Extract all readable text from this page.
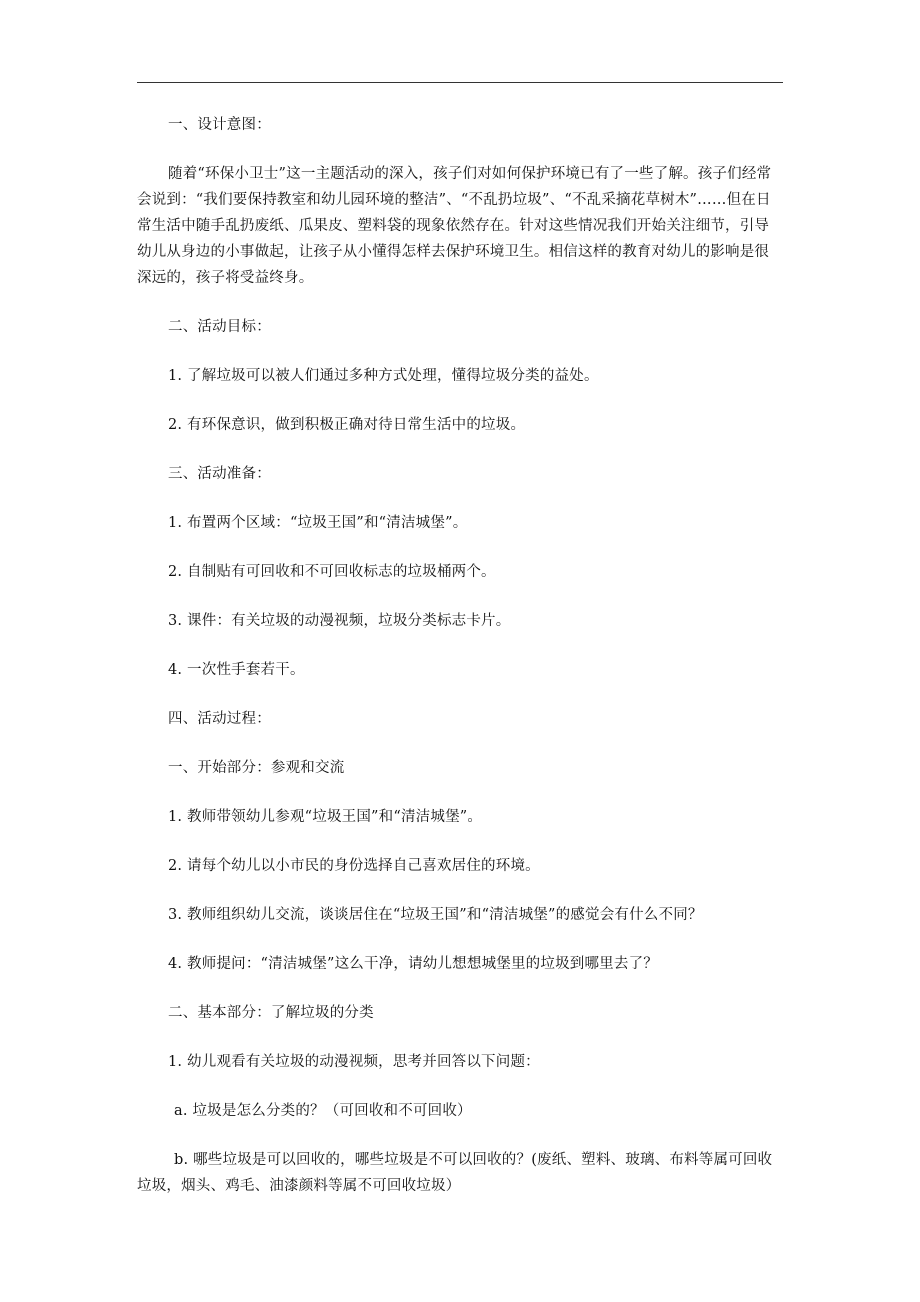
一、设计意图：

随着“环保小卫士”这一主题活动的深入，孩子们对如何保护环境已有了一些了解。孩子们经常会说到：“我们要保持教室和幼儿园环境的整洁”、“不乱扔垃圾”、“不乱采摘花草树木”……但在日常生活中随手乱扔废纸、瓜果皮、塑料袋的现象依然存在。针对这些情况我们开始关注细节，引导幼儿从身边的小事做起，让孩子从小懂得怎样去保护环境卫生。相信这样的教育对幼儿的影响是很深远的，孩子将受益终身。

二、活动目标：

1. 了解垃圾可以被人们通过多种方式处理，懂得垃圾分类的益处。

2. 有环保意识，做到积极正确对待日常生活中的垃圾。

三、活动准备：

1. 布置两个区域：“垃圾王国”和“清洁城堡”。

2. 自制贴有可回收和不可回收标志的垃圾桶两个。

3. 课件：有关垃圾的动漫视频，垃圾分类标志卡片。

4. 一次性手套若干。

四、活动过程：

一、开始部分：参观和交流

1. 教师带领幼儿参观“垃圾王国”和“清洁城堡”。

2. 请每个幼儿以小市民的身份选择自己喜欢居住的环境。

3. 教师组织幼儿交流，谈谈居住在“垃圾王国”和“清洁城堡”的感觉会有什么不同？

4. 教师提问：“清洁城堡”这么干净，请幼儿想想城堡里的垃圾到哪里去了？

二、基本部分：了解垃圾的分类

1. 幼儿观看有关垃圾的动漫视频，思考并回答以下问题：

a. 垃圾是怎么分类的？（可回收和不可回收）

b. 哪些垃圾是可以回收的，哪些垃圾是不可以回收的？(废纸、塑料、玻璃、布料等属可回收垃圾，烟头、鸡毛、油漆颜料等属不可回收垃圾）
